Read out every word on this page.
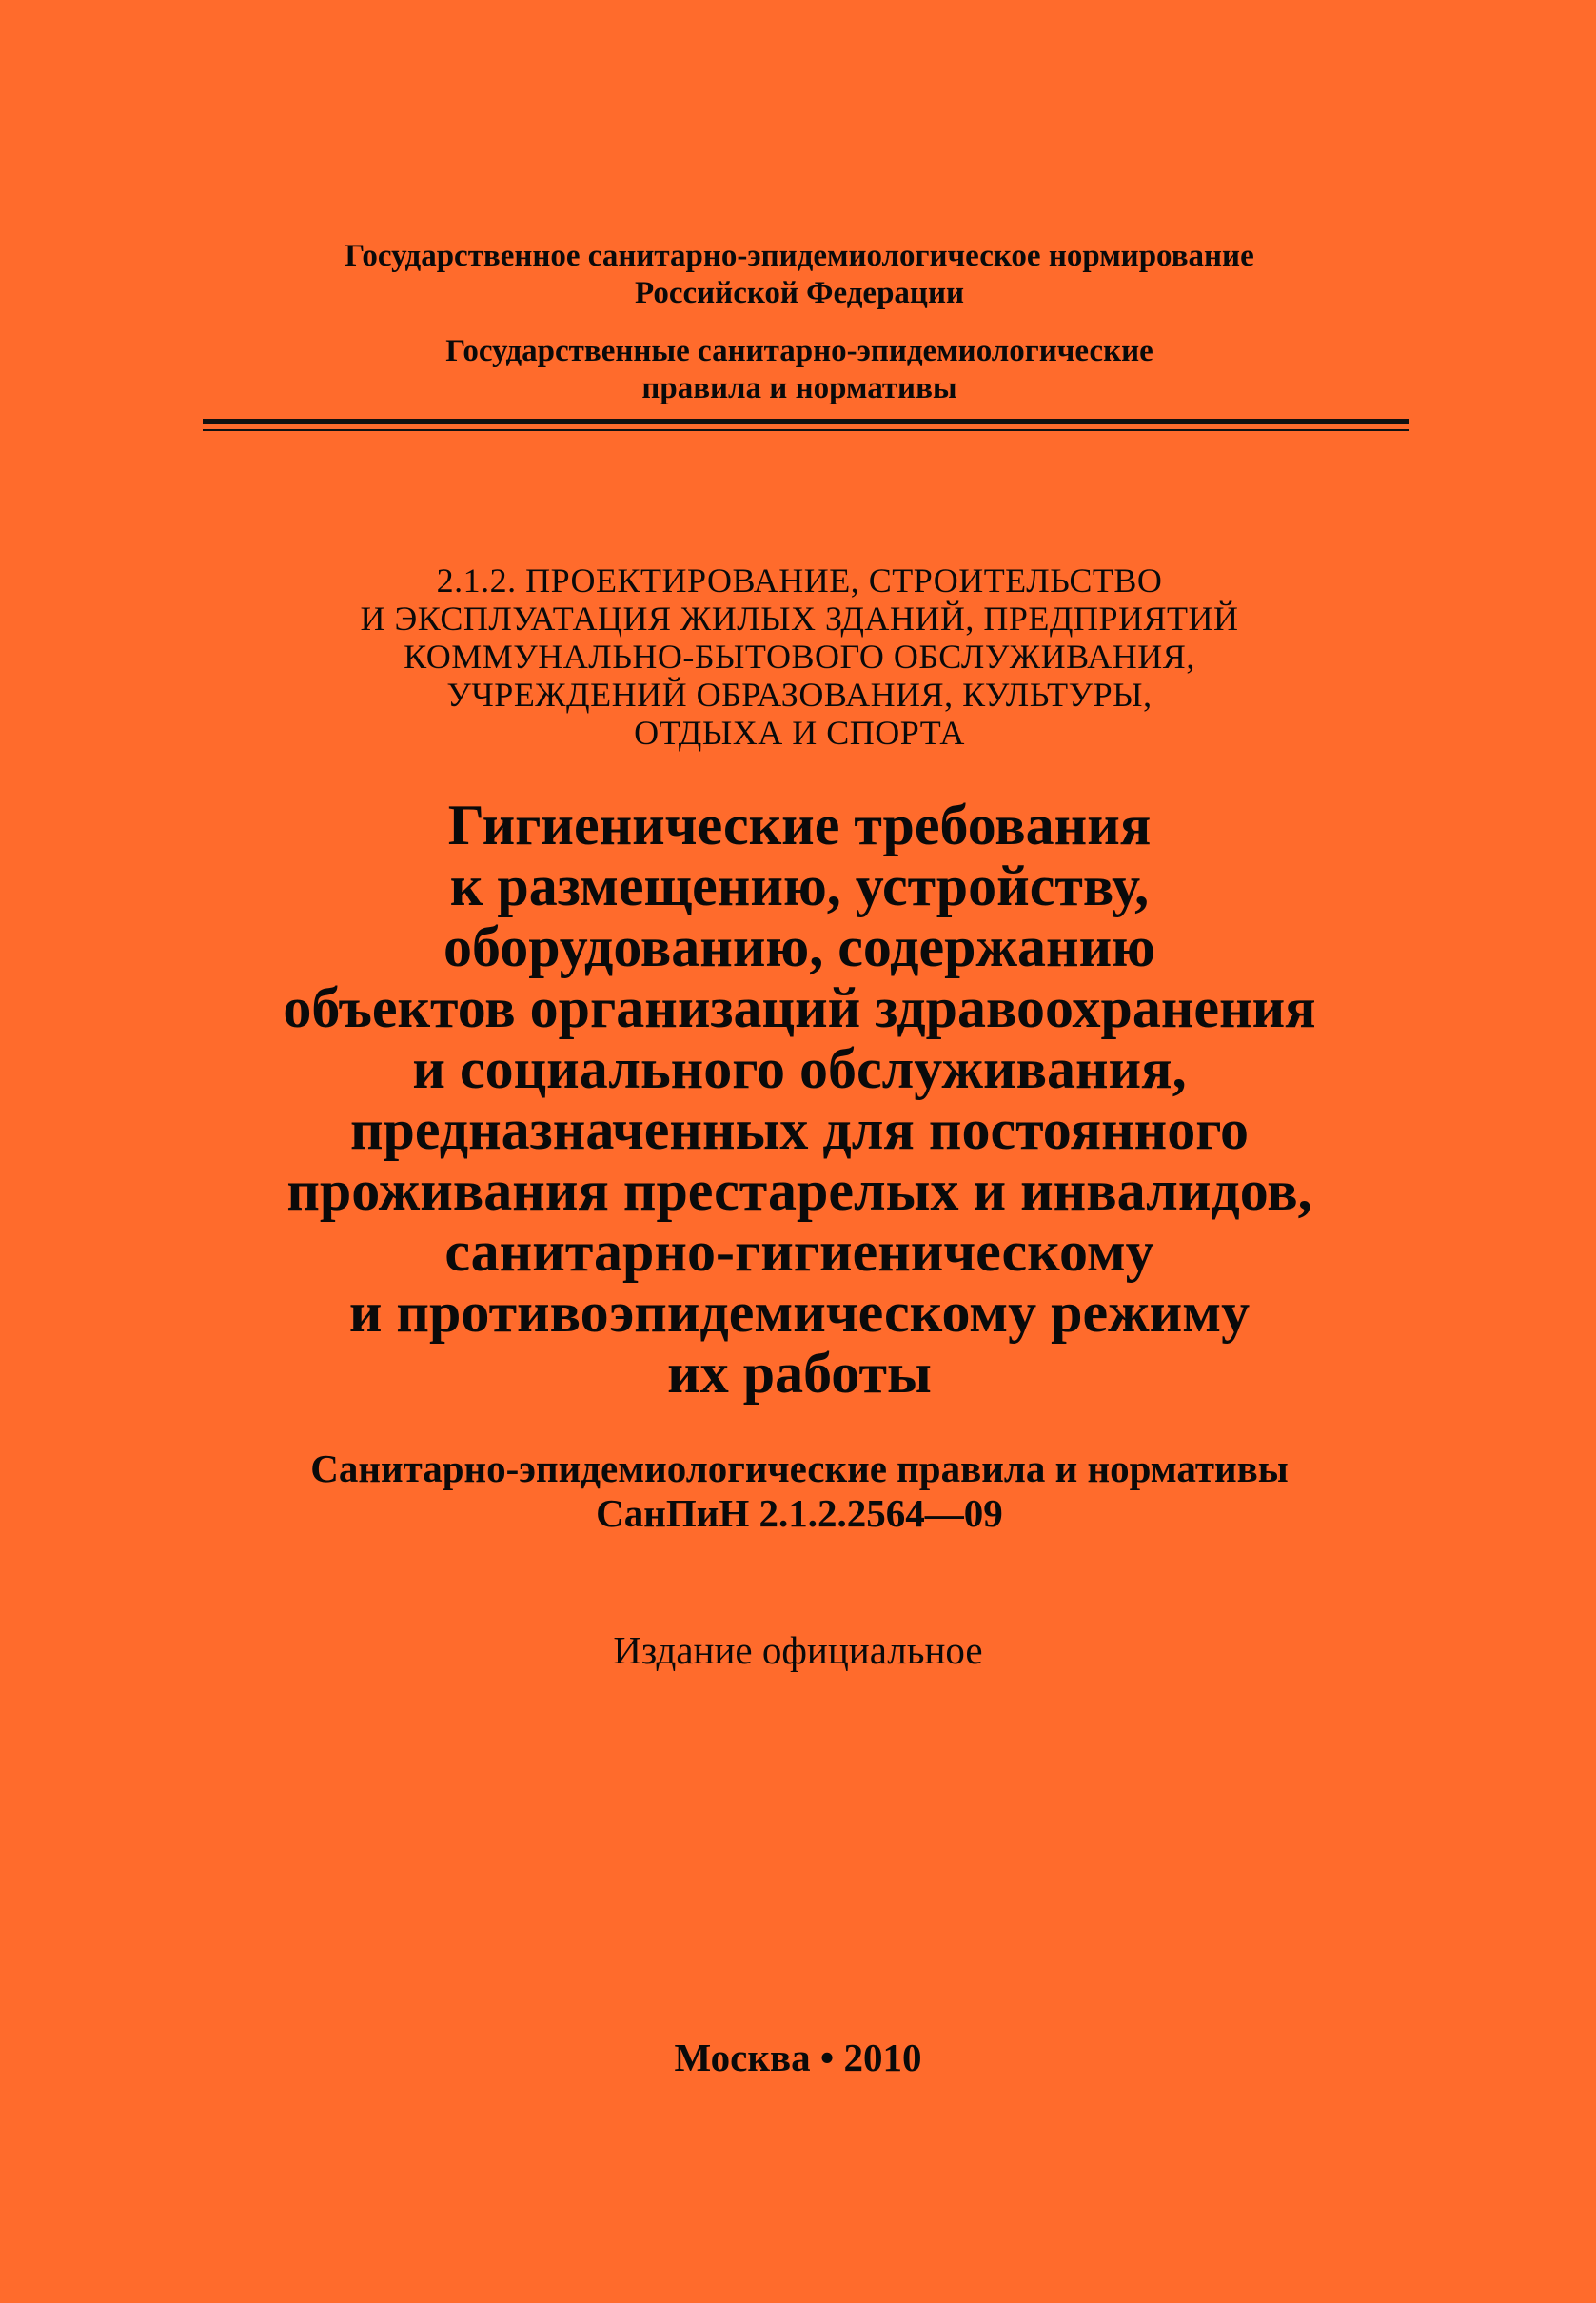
Государственное санитарно-эпидемиологическое нормирование
Российской Федерации
Государственные санитарно-эпидемиологические
правила и нормативы
2.1.2. ПРОЕКТИРОВАНИЕ, СТРОИТЕЛЬСТВО
И ЭКСПЛУАТАЦИЯ ЖИЛЫХ ЗДАНИЙ, ПРЕДПРИЯТИЙ
КОММУНАЛЬНО-БЫТОВОГО ОБСЛУЖИВАНИЯ,
УЧРЕЖДЕНИЙ ОБРАЗОВАНИЯ, КУЛЬТУРЫ,
ОТДЫХА И СПОРТА
Гигиенические требования
к размещению, устройству,
оборудованию, содержанию
объектов организаций здравоохранения
и социального обслуживания,
предназначенных для постоянного
проживания престарелых и инвалидов,
санитарно-гигиеническому
и противоэпидемическому режиму
их работы
Санитарно-эпидемиологические правила и нормативы
СанПиН 2.1.2.2564—09
Издание официальное
Москва • 2010
